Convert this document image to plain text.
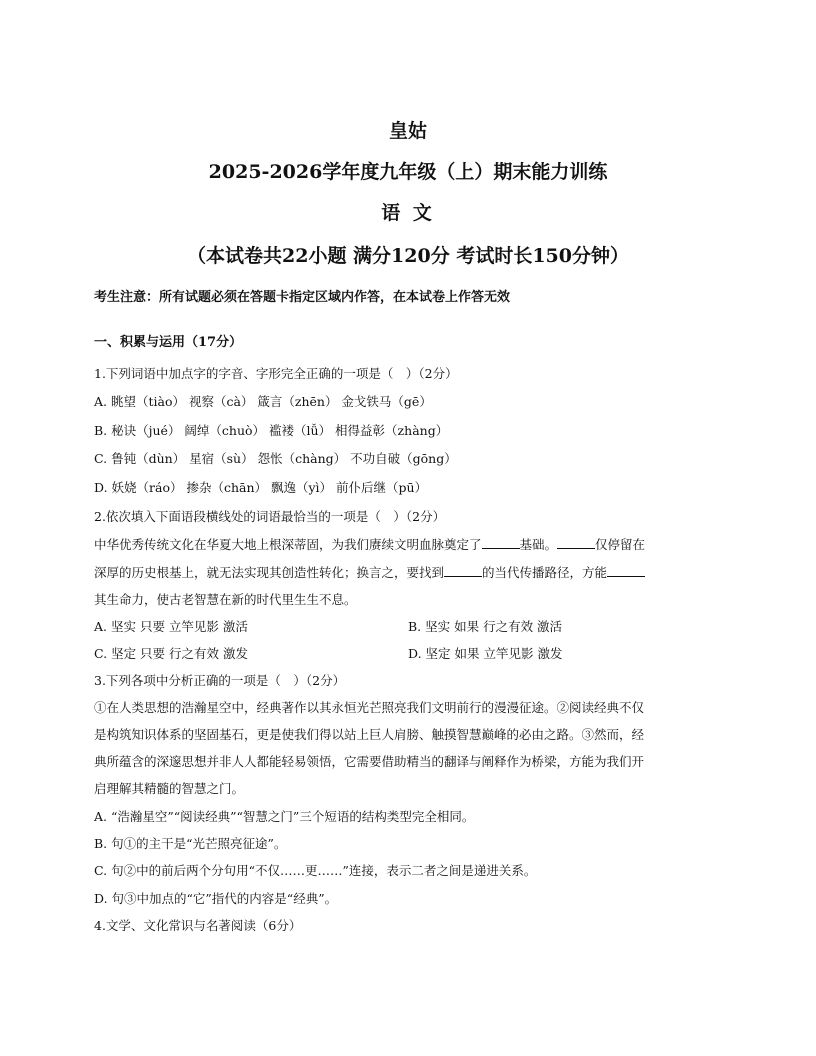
皇姑
2025-2026学年度九年级（上）期末能力训练
语 文
（本试卷共22小题 满分120分 考试时长150分钟）
考生注意：所有试题必须在答题卡指定区域内作答，在本试卷上作答无效
一、积累与运用（17分）
1.下列词语中加点字的字音、字形完全正确的一项是（　）（2分）
A. 眺望（tiào） 视察（cà） 箴言（zhēn） 金戈铁马（gē）
B. 秘诀（jué） 阔绰（chuò） 褴褛（lǚ） 相得益彰（zhàng）
C. 鲁钝（dùn） 星宿（sù） 怨怅（chàng） 不功自破（gōng）
D. 妖娆（ráo） 掺杂（chān） 飘逸（yì） 前仆后继（pū）
2.依次填入下面语段横线处的词语最恰当的一项是（　）（2分）
中华优秀传统文化在华夏大地上根深蒂固，为我们赓续文明血脉奠定了	基础。	仅停留在
深厚的历史根基上，就无法实现其创造性转化；换言之，要找到	的当代传播路径，方能
其生命力，使古老智慧在新的时代里生生不息。
A. 坚实 只要 立竿见影 激活	B. 坚实 如果 行之有效 激活
C. 坚定 只要 行之有效 激发	D. 坚定 如果 立竿见影 激发
3.下列各项中分析正确的一项是（　）（2分）
①在人类思想的浩瀚星空中，经典著作以其永恒光芒照亮我们文明前行的漫漫征途。②阅读经典不仅
是构筑知识体系的坚固基石，更是使我们得以站上巨人肩膀、触摸智慧巅峰的必由之路。③然而，经
典所蕴含的深邃思想并非人人都能轻易领悟，它需要借助精当的翻译与阐释作为桥梁，方能为我们开
启理解其精髓的智慧之门。
A. “浩瀚星空”“阅读经典”“智慧之门”三个短语的结构类型完全相同。
B. 句①的主干是“光芒照亮征途”。
C. 句②中的前后两个分句用“不仅……更……”连接，表示二者之间是递进关系。
D. 句③中加点的“它”指代的内容是“经典”。
4.文学、文化常识与名著阅读（6分）
